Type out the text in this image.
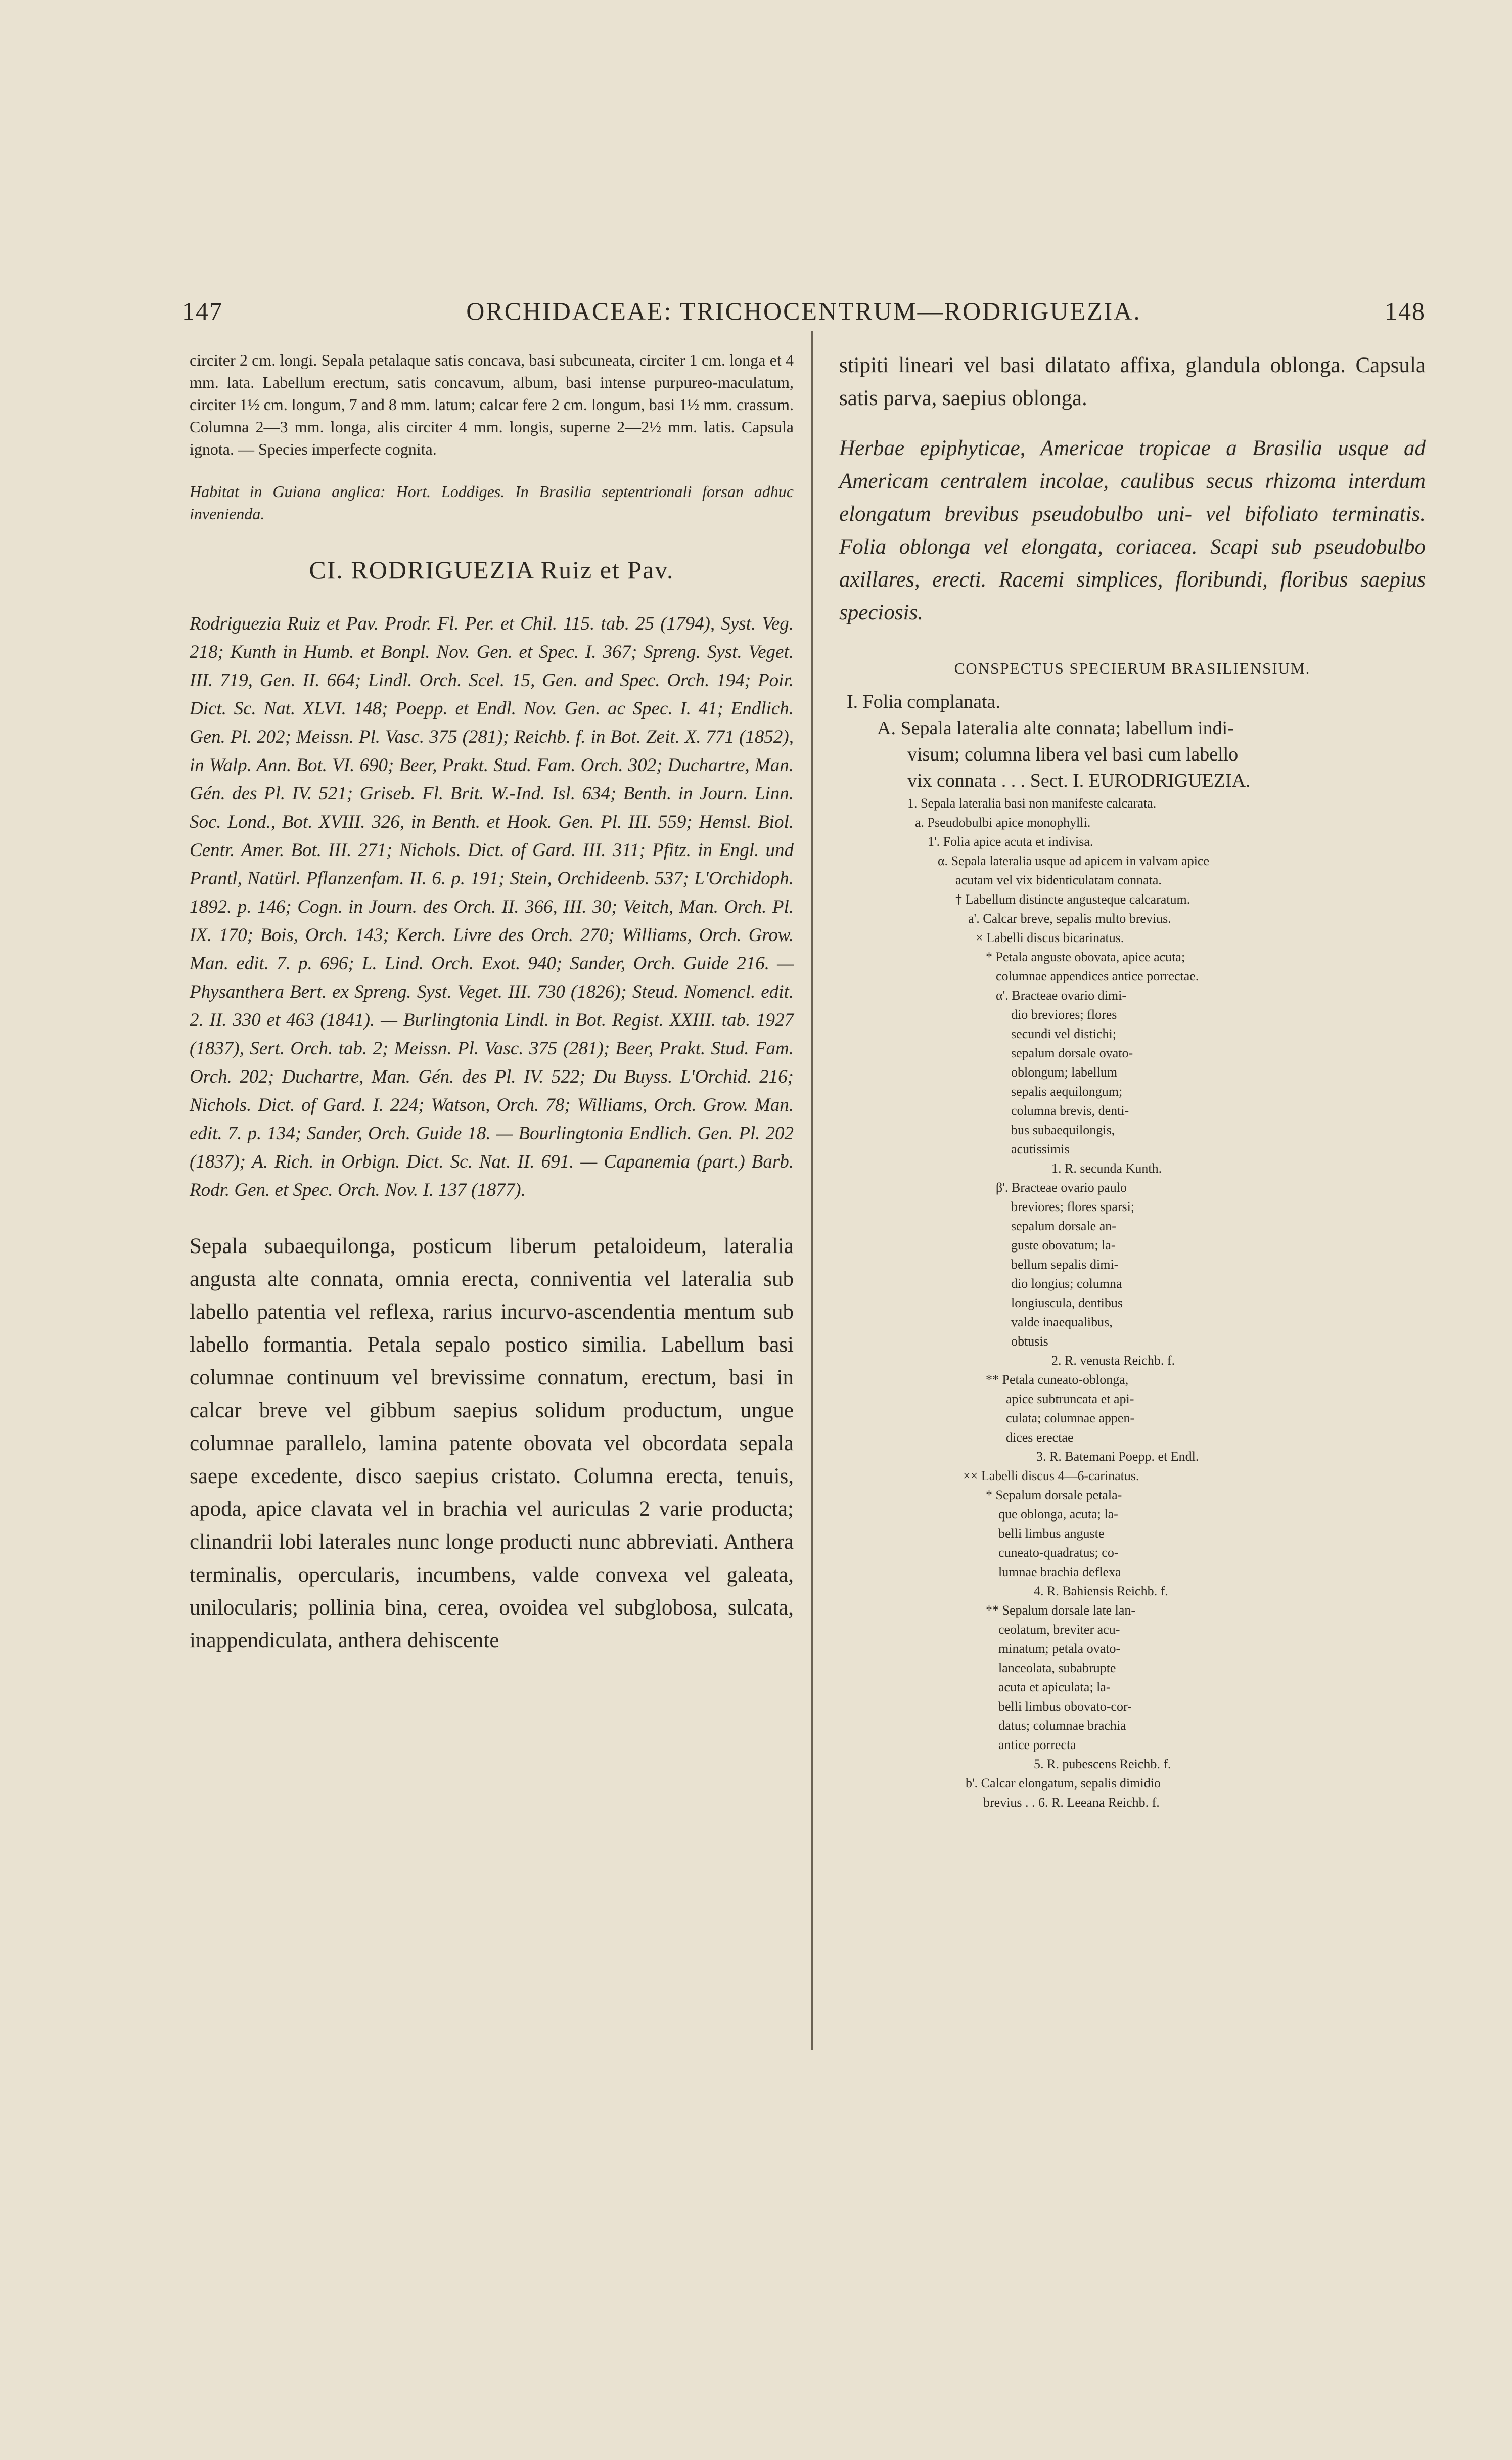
147	ORCHIDACEAE: TRICHOCENTRUM—RODRIGUEZIA.	148

circiter 2 cm. longi. Sepala petalaque satis concava, basi subcuneata, circiter 1 cm. longa et 4 mm. lata. Labellum erectum, satis concavum, album, basi intense purpureo-maculatum, circiter 1½ cm. longum, 7 and 8 mm. latum; calcar fere 2 cm. longum, basi 1½ mm. crassum. Columna 2—3 mm. longa, alis circiter 4 mm. longis, superne 2—2½ mm. latis. Capsula ignota. — Species imperfecte cognita.

Habitat in Guiana anglica: Hort. Loddiges. In Brasilia septentrionali forsan adhuc invenienda.

CI. RODRIGUEZIA Ruiz et Pav.

Rodriguezia Ruiz et Pav. Prodr. Fl. Per. et Chil. 115. tab. 25 (1794), Syst. Veg. 218; Kunth in Humb. et Bonpl. Nov. Gen. et Spec. I. 367; Spreng. Syst. Veget. III. 719, Gen. II. 664; Lindl. Orch. Scel. 15, Gen. and Spec. Orch. 194; Poir. Dict. Sc. Nat. XLVI. 148; Poepp. et Endl. Nov. Gen. ac Spec. I. 41; Endlich. Gen. Pl. 202; Meissn. Pl. Vasc. 375 (281); Reichb. f. in Bot. Zeit. X. 771 (1852), in Walp. Ann. Bot. VI. 690; Beer, Prakt. Stud. Fam. Orch. 302; Duchartre, Man. Gén. des Pl. IV. 521; Griseb. Fl. Brit. W.-Ind. Isl. 634; Benth. in Journ. Linn. Soc. Lond., Bot. XVIII. 326, in Benth. et Hook. Gen. Pl. III. 559; Hemsl. Biol. Centr. Amer. Bot. III. 271; Nichols. Dict. of Gard. III. 311; Pfitz. in Engl. und Prantl, Natürl. Pflanzenfam. II. 6. p. 191; Stein, Orchideenb. 537; L'Orchidoph. 1892. p. 146; Cogn. in Journ. des Orch. II. 366, III. 30; Veitch, Man. Orch. Pl. IX. 170; Bois, Orch. 143; Kerch. Livre des Orch. 270; Williams, Orch. Grow. Man. edit. 7. p. 696; L. Lind. Orch. Exot. 940; Sander, Orch. Guide 216. — Physanthera Bert. ex Spreng. Syst. Veget. III. 730 (1826); Steud. Nomencl. edit. 2. II. 330 et 463 (1841). — Burlingtonia Lindl. in Bot. Regist. XXIII. tab. 1927 (1837), Sert. Orch. tab. 2; Meissn. Pl. Vasc. 375 (281); Beer, Prakt. Stud. Fam. Orch. 202; Duchartre, Man. Gén. des Pl. IV. 522; Du Buyss. L'Orchid. 216; Nichols. Dict. of Gard. I. 224; Watson, Orch. 78; Williams, Orch. Grow. Man. edit. 7. p. 134; Sander, Orch. Guide 18. — Bourlingtonia Endlich. Gen. Pl. 202 (1837); A. Rich. in Orbign. Dict. Sc. Nat. II. 691. — Capanemia (part.) Barb. Rodr. Gen. et Spec. Orch. Nov. I. 137 (1877).

Sepala subaequilonga, posticum liberum petaloideum, lateralia angusta alte connata, omnia erecta, conniventia vel lateralia sub labello patentia vel reflexa, rarius incurvo-ascendentia mentum sub labello formantia. Petala sepalo postico similia. Labellum basi columnae continuum vel brevissime connatum, erectum, basi in calcar breve vel gibbum saepius solidum productum, ungue columnae parallelo, lamina patente obovata vel obcordata sepala saepe excedente, disco saepius cristato. Columna erecta, tenuis, apoda, apice clavata vel in brachia vel auriculas 2 varie producta; clinandrii lobi laterales nunc longe producti nunc abbreviati. Anthera terminalis, opercularis, incumbens, valde convexa vel galeata, unilocularis; pollinia bina, cerea, ovoidea vel subglobosa, sulcata, inappendiculata, anthera dehiscente

stipiti lineari vel basi dilatato affixa, glandula oblonga. Capsula satis parva, saepius oblonga.

Herbae epiphyticae, Americae tropicae a Brasilia usque ad Americam centralem incolae, caulibus secus rhizoma interdum elongatum brevibus pseudobulbo uni- vel bifoliato terminatis. Folia oblonga vel elongata, coriacea. Scapi sub pseudobulbo axillares, erecti. Racemi simplices, floribundi, floribus saepius speciosis.

CONSPECTUS SPECIERUM BRASILIENSIUM.
I. Folia complanata.
A. Sepala lateralia alte connata; labellum indi-
visum; columna libera vel basi cum labello
vix connata . . . Sect. I. EURODRIGUEZIA.
1. Sepala lateralia basi non manifeste calcarata.
a. Pseudobulbi apice monophylli.
1'. Folia apice acuta et indivisa.
α. Sepala lateralia usque ad apicem in valvam apice
acutam vel vix bidenticulatam connata.
† Labellum distincte angusteque calcaratum.
a'. Calcar breve, sepalis multo brevius.
× Labelli discus bicarinatus.
* Petala anguste obovata, apice acuta;
columnae appendices antice porrectae.
α'. Bracteae ovario dimi-
dio breviores; flores
secundi vel distichi;
sepalum dorsale ovato-
oblongum; labellum
sepalis aequilongum;
columna brevis, denti-
bus subaequilongis,
acutissimis
1. R. secunda Kunth.
β'. Bracteae ovario paulo
breviores; flores sparsi;
sepalum dorsale an-
guste obovatum; la-
bellum sepalis dimi-
dio longius; columna
longiuscula, dentibus
valde inaequalibus,
obtusis
2. R. venusta Reichb. f.
** Petala cuneato-oblonga,
apice subtruncata et api-
culata; columnae appen-
dices erectae
3. R. Batemani Poepp. et Endl.
×× Labelli discus 4—6-carinatus.
* Sepalum dorsale petala-
que oblonga, acuta; la-
belli limbus anguste
cuneato-quadratus; co-
lumnae brachia deflexa
4. R. Bahiensis Reichb. f.
** Sepalum dorsale late lan-
ceolatum, breviter acu-
minatum; petala ovato-
lanceolata, subabrupte
acuta et apiculata; la-
belli limbus obovato-cor-
datus; columnae brachia
antice porrecta
5. R. pubescens Reichb. f.
b'. Calcar elongatum, sepalis dimidio
brevius . . 6. R. Leeana Reichb. f.
